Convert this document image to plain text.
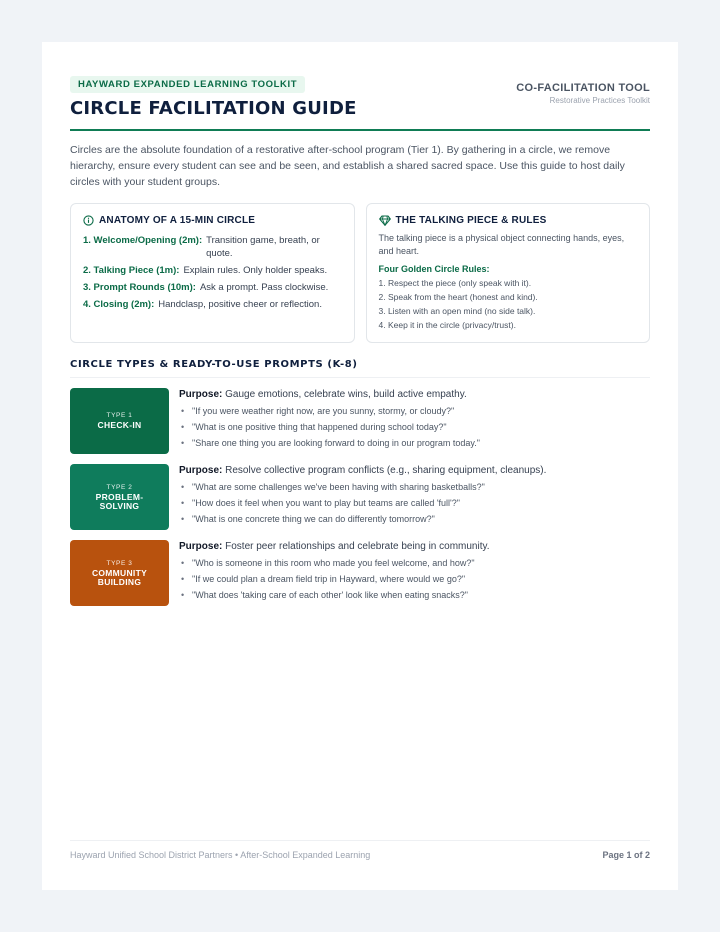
HAYWARD EXPANDED LEARNING TOOLKIT
CIRCLE FACILITATION GUIDE
CO-FACILITATION TOOL
Restorative Practices Toolkit

Circles are the absolute foundation of a restorative after-school program (Tier 1). By gathering in a circle, we remove hierarchy, ensure every student can see and be seen, and establish a shared sacred space. Use this guide to host daily circles with your student groups.

ANATOMY OF A 15-MIN CIRCLE
1. Welcome/Opening (2m): Transition game, breath, or quote.
2. Talking Piece (1m): Explain rules. Only holder speaks.
3. Prompt Rounds (10m): Ask a prompt. Pass clockwise.
4. Closing (2m): Handclasp, positive cheer or reflection.
THE TALKING PIECE & RULES

The talking piece is a physical object connecting hands, eyes, and heart.

Four Golden Circle Rules:
1. Respect the piece (only speak with it).
2. Speak from the heart (honest and kind).
3. Listen with an open mind (no side talk).
4. Keep it in the circle (privacy/trust).
CIRCLE TYPES & READY-TO-USE PROMPTS (K-8)
TYPE 1
CHECK-IN
Purpose: Gauge emotions, celebrate wins, build active empathy.
• "If you were weather right now, are you sunny, stormy, or cloudy?"
• "What is one positive thing that happened during school today?"
• "Share one thing you are looking forward to doing in our program today."
TYPE 2
PROBLEM-
SOLVING
Purpose: Resolve collective program conflicts (e.g., sharing equipment, cleanups).
• "What are some challenges we've been having with sharing basketballs?"
• "How does it feel when you want to play but teams are called 'full'?"
• "What is one concrete thing we can do differently tomorrow?"
TYPE 3
COMMUNITY
BUILDING
Purpose: Foster peer relationships and celebrate being in community.
• "Who is someone in this room who made you feel welcome, and how?"
• "If we could plan a dream field trip in Hayward, where would we go?"
• "What does 'taking care of each other' look like when eating snacks?"
Hayward Unified School District Partners • After-School Expanded Learning	Page 1 of 2
